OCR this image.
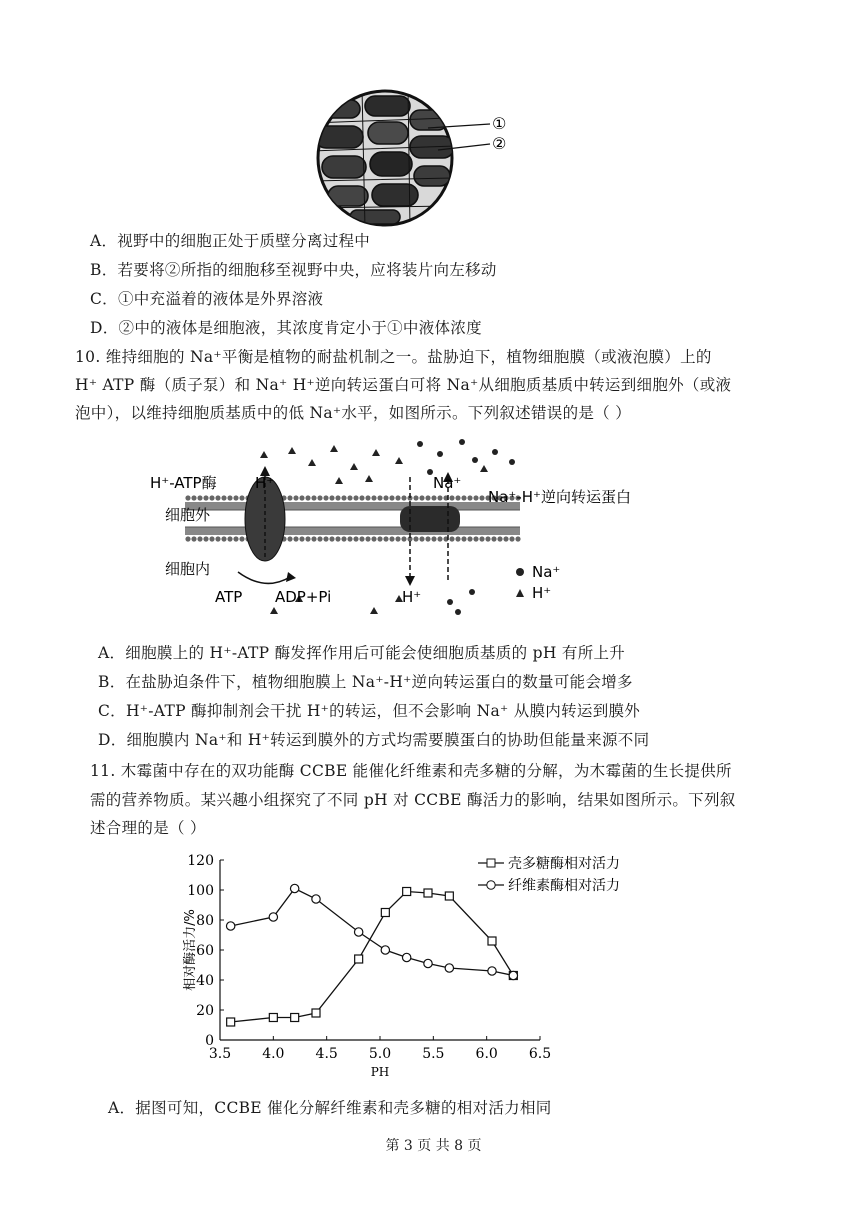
①
②
A．视野中的细胞正处于质壁分离过程中
B．若要将②所指的细胞移至视野中央，应将装片向左移动
C．①中充溢着的液体是外界溶液
D．②中的液体是细胞液，其浓度肯定小于①中液体浓度
10. 维持细胞的 Na⁺平衡是植物的耐盐机制之一。盐胁迫下，植物细胞膜（或液泡膜）上的
H⁺ ATP 酶（质子泵）和 Na⁺ H⁺逆向转运蛋白可将 Na⁺从细胞质基质中转运到细胞外（或液
泡中），以维持细胞质基质中的低 Na⁺水平，如图所示。下列叙述错误的是（ ）
H⁺-ATP酶	H⁺
细胞外
细胞内
Na⁺
Na⁺-H⁺逆向转运蛋白
ATP ADP+Pi	H⁺
Na⁺
H⁺
A．细胞膜上的 H⁺-ATP 酶发挥作用后可能会使细胞质基质的 pH 有所上升
B．在盐胁迫条件下，植物细胞膜上 Na⁺-H⁺逆向转运蛋白的数量可能会增多
C．H⁺-ATP 酶抑制剂会干扰 H⁺的转运，但不会影响 Na⁺ 从膜内转运到膜外
D．细胞膜内 Na⁺和 H⁺转运到膜外的方式均需要膜蛋白的协助但能量来源不同
11. 木霉菌中存在的双功能酶 CCBE 能催化纤维素和壳多糖的分解，为木霉菌的生长提供所
需的营养物质。某兴趣小组探究了不同 pH 对 CCBE 酶活力的影响，结果如图所示。下列叙
述合理的是（ ）
0
20
40
60
80
100
120
3.5 4.0 4.5 5.0 5.5 6.0 6.5
PH
相对酶活力/%
壳多糖酶相对活力
纤维素酶相对活力
A．据图可知，CCBE 催化分解纤维素和壳多糖的相对活力相同
第 3 页 共 8 页
